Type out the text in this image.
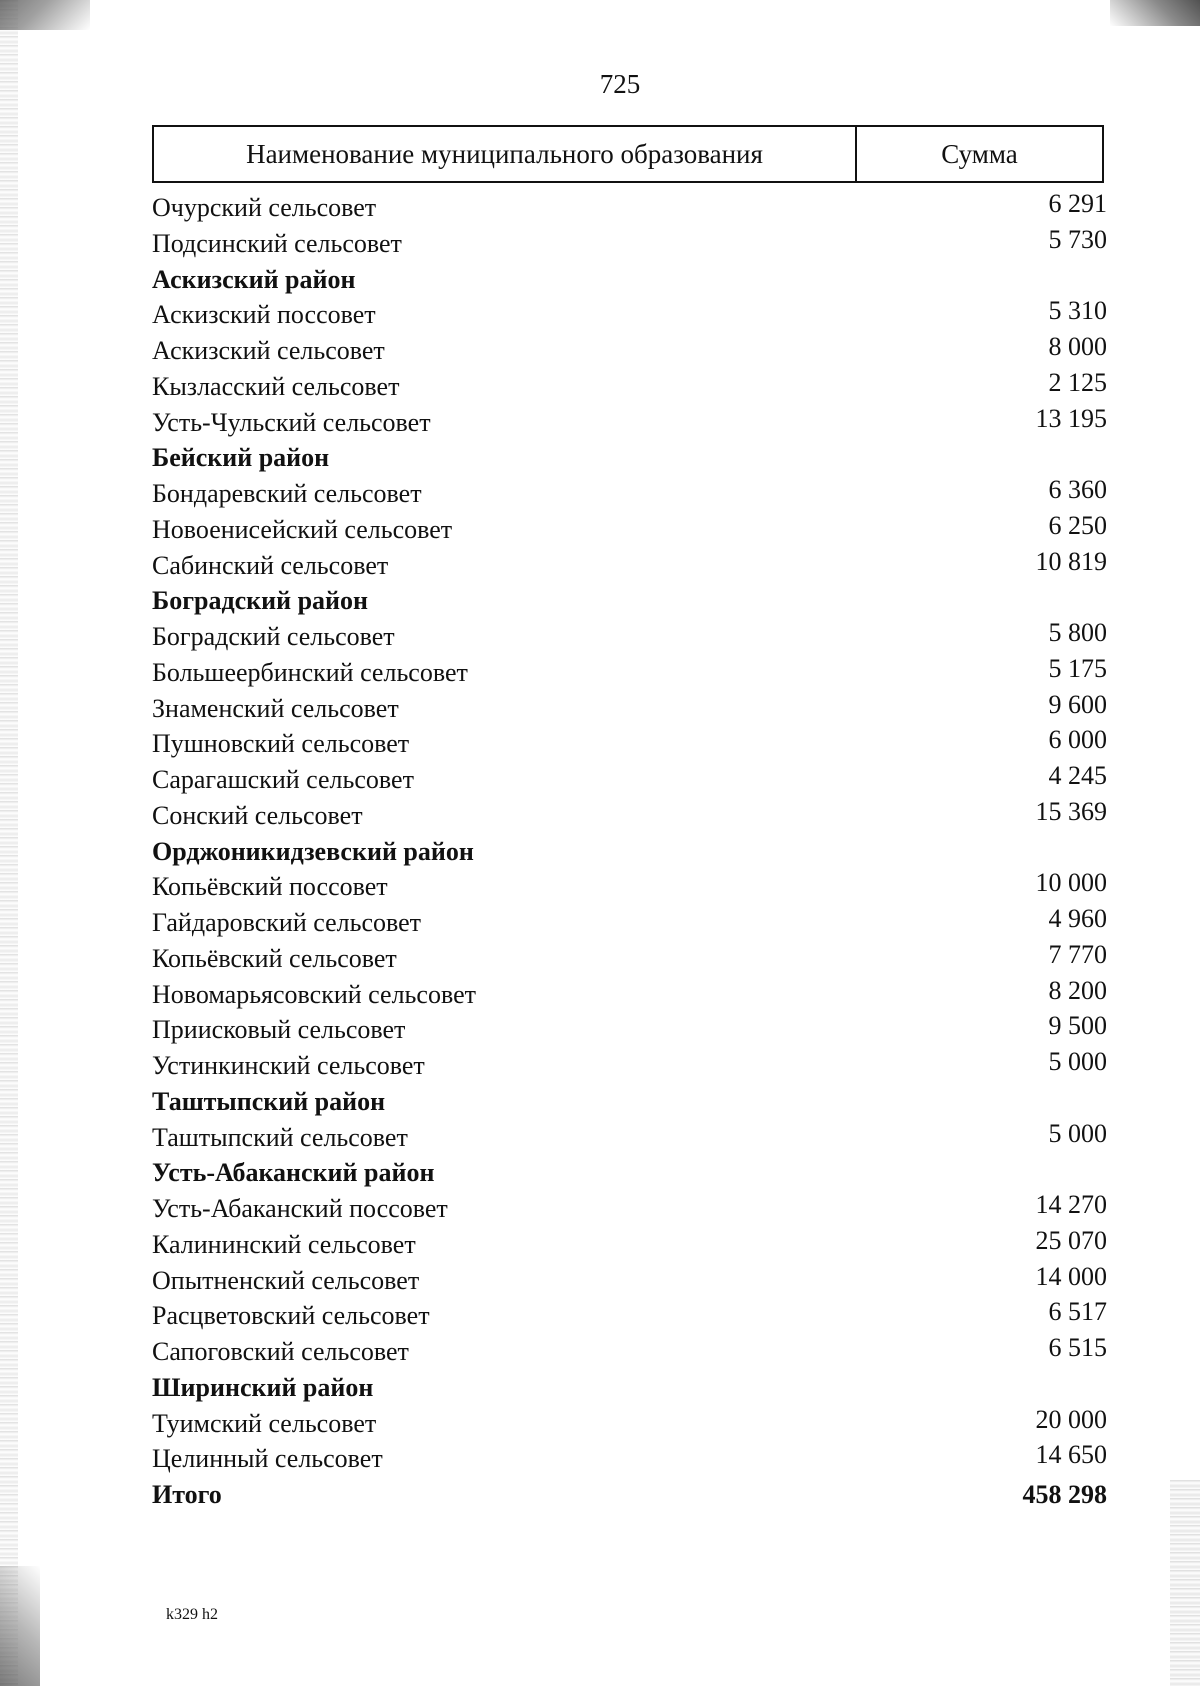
725
Наименование муниципального образования	Сумма
Очурский сельсовет	6 291
Подсинский сельсовет	5 730
Аскизский район
Аскизский поссовет	5 310
Аскизский сельсовет	8 000
Кызласский сельсовет	2 125
Усть-Чульский сельсовет	13 195
Бейский район
Бондаревский сельсовет	6 360
Новоенисейский сельсовет	6 250
Сабинский сельсовет	10 819
Боградский район
Боградский сельсовет	5 800
Большеербинский сельсовет	5 175
Знаменский сельсовет	9 600
Пушновский сельсовет	6 000
Сарагашский сельсовет	4 245
Сонский сельсовет	15 369
Орджоникидзевский район
Копьёвский поссовет	10 000
Гайдаровский сельсовет	4 960
Копьёвский сельсовет	7 770
Новомарьясовский сельсовет	8 200
Приисковый сельсовет	9 500
Устинкинский сельсовет	5 000
Таштыпский район
Таштыпский сельсовет	5 000
Усть-Абаканский район
Усть-Абаканский поссовет	14 270
Калининский сельсовет	25 070
Опытненский сельсовет	14 000
Расцветовский сельсовет	6 517
Сапоговский сельсовет	6 515
Ширинский район
Туимский сельсовет	20 000
Целинный сельсовет	14 650
Итого	458 298
k329 h2
